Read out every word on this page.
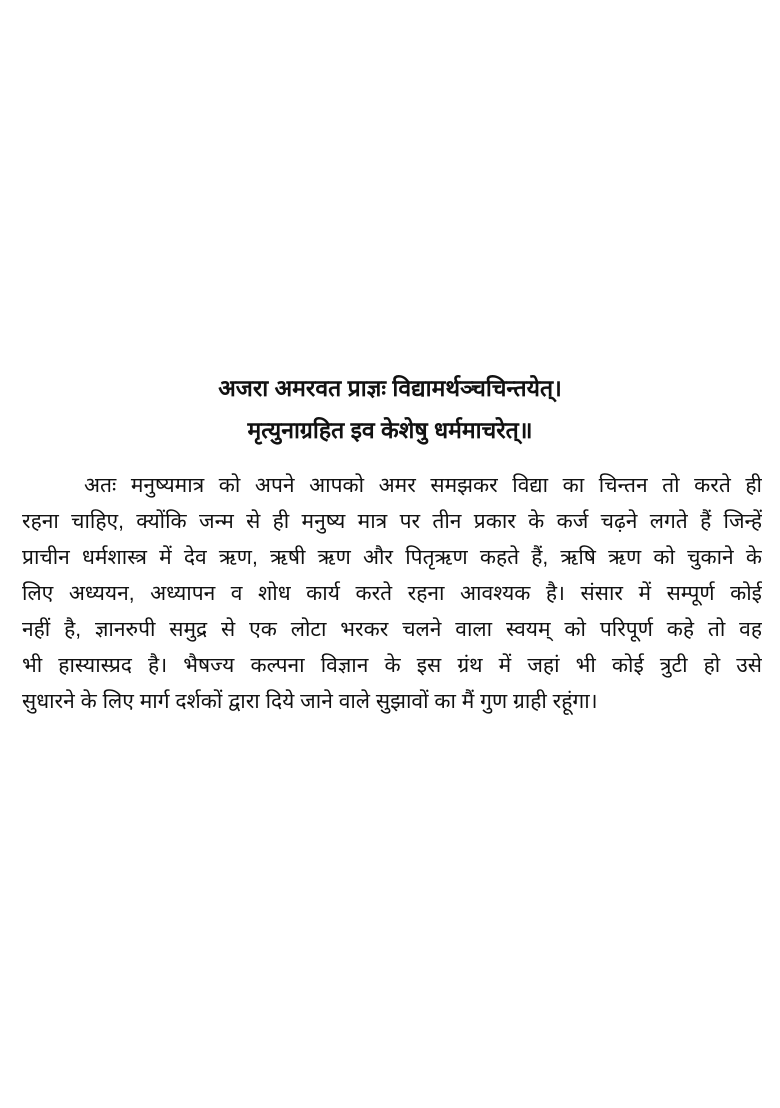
अजरा अमरवत प्राज्ञः विद्यामर्थञ्चचिन्तयेत्।
मृत्युनाग्रहित इव केशेषु धर्ममाचरेत्॥
अतः मनुष्यमात्र को अपने आपको अमर समझकर विद्या का चिन्तन तो करते ही
रहना चाहिए, क्योंकि जन्म से ही मनुष्य मात्र पर तीन प्रकार के कर्ज चढ़ने लगते हैं जिन्हें
प्राचीन धर्मशास्त्र में देव ऋण, ऋषी ऋण और पितृऋण कहते हैं, ऋषि ऋण को चुकाने के
लिए अध्ययन, अध्यापन व शोध कार्य करते रहना आवश्यक है। संसार में सम्पूर्ण कोई
नहीं है, ज्ञानरुपी समुद्र से एक लोटा भरकर चलने वाला स्वयम् को परिपूर्ण कहे तो वह
भी हास्यास्प्रद है। भैषज्य कल्पना विज्ञान के इस ग्रंथ में जहां भी कोई त्रुटी हो उसे
सुधारने के लिए मार्ग दर्शकों द्वारा दिये जाने वाले सुझावों का मैं गुण ग्राही रहूंगा।
